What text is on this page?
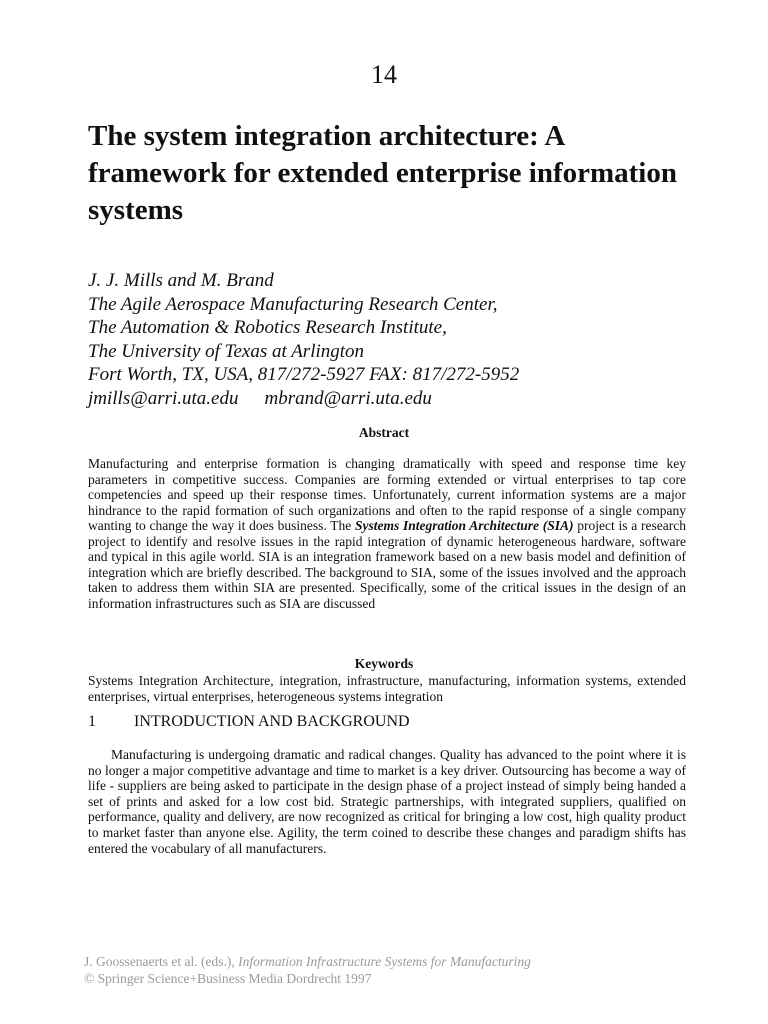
14
The system integration architecture: A framework for extended enterprise information systems
J. J. Mills and M. Brand
The Agile Aerospace Manufacturing Research Center,
The Automation & Robotics Research Institute,
The University of Texas at Arlington
Fort Worth, TX, USA, 817/272-5927 FAX: 817/272-5952
jmills@arri.uta.edu mbrand@arri.uta.edu
Abstract
Manufacturing and enterprise formation is changing dramatically with speed and response time key parameters in competitive success. Companies are forming extended or virtual enterprises to tap core competencies and speed up their response times. Unfortunately, current information systems are a major hindrance to the rapid formation of such organizations and often to the rapid response of a single company wanting to change the way it does business. The Systems Integration Architecture (SIA) project is a research project to identify and resolve issues in the rapid integration of dynamic heterogeneous hardware, software and typical in this agile world. SIA is an integration framework based on a new basis model and definition of integration which are briefly described. The background to SIA, some of the issues involved and the approach taken to address them within SIA are presented. Specifically, some of the critical issues in the design of an information infrastructures such as SIA are discussed
Keywords
Systems Integration Architecture, integration, infrastructure, manufacturing, information systems, extended enterprises, virtual enterprises, heterogeneous systems integration
1 INTRODUCTION AND BACKGROUND
Manufacturing is undergoing dramatic and radical changes. Quality has advanced to the point where it is no longer a major competitive advantage and time to market is a key driver. Outsourcing has become a way of life - suppliers are being asked to participate in the design phase of a project instead of simply being handed a set of prints and asked for a low cost bid. Strategic partnerships, with integrated suppliers, qualified on performance, quality and delivery, are now recognized as critical for bringing a low cost, high quality product to market faster than anyone else. Agility, the term coined to describe these changes and paradigm shifts has entered the vocabulary of all manufacturers.
J. Goossenaerts et al. (eds.), Information Infrastructure Systems for Manufacturing
© Springer Science+Business Media Dordrecht 1997
